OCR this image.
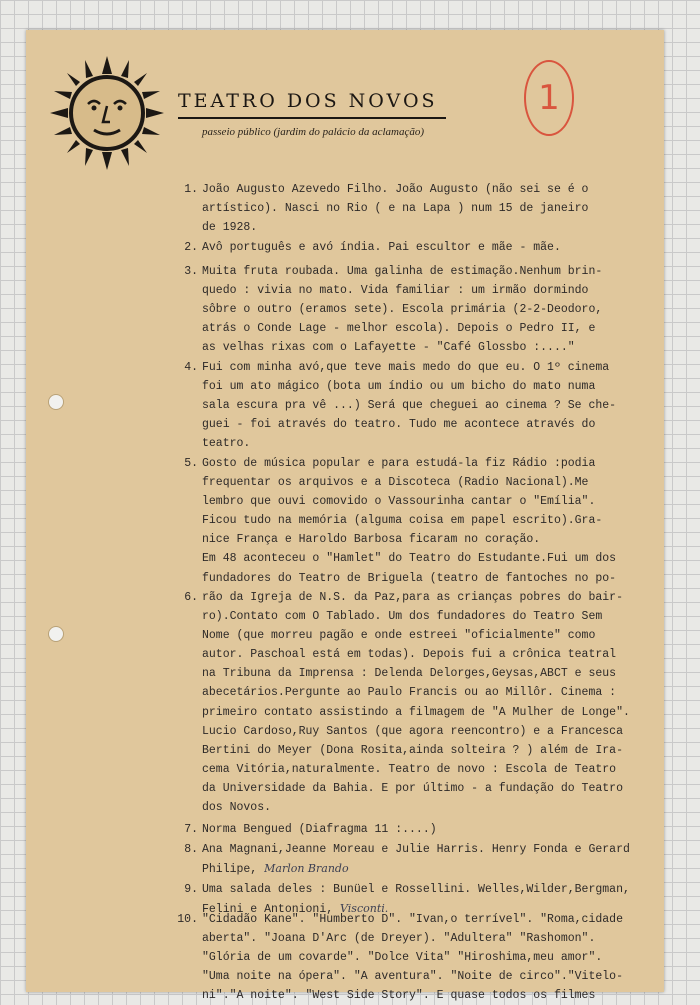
TEATRO DOS NOVOS
passeio público (jardim do palácio da aclamação)
1
1. João Augusto Azevedo Filho. João Augusto (não sei se é o
artístico). Nasci no Rio ( e na Lapa ) num 15 de janeiro
de 1928.
2. Avô português e avó índia. Pai escultor e mãe - mãe.
3. Muita fruta roubada. Uma galinha de estimação.Nenhum brin-
quedo : vivia no mato. Vida familiar : um irmão dormindo
sôbre o outro (eramos sete). Escola primária (2-2-Deodoro,
atrás o Conde Lage - melhor escola). Depois o Pedro II, e
as velhas rixas com o Lafayette - "Café Glossbo :...."
4. Fui com minha avó,que teve mais medo do que eu. O 1º cinema
foi um ato mágico (bota um índio ou um bicho do mato numa
sala escura pra vê ...) Será que cheguei ao cinema ? Se che-
guei - foi através do teatro. Tudo me acontece através do
teatro.
5. Gosto de música popular e para estudá-la fiz Rádio :podia
frequentar os arquivos e a Discoteca (Radio Nacional).Me
lembro que ouvi comovido o Vassourinha cantar o "Emília".
Ficou tudo na memória (alguma coisa em papel escrito).Gra-
nice França e Haroldo Barbosa ficaram no coração.
Em 48 aconteceu o "Hamlet" do Teatro do Estudante.Fui um dos
fundadores do Teatro de Briguela (teatro de fantoches no po-
6. rão da Igreja de N.S. da Paz,para as crianças pobres do bair-
ro).Contato com O Tablado. Um dos fundadores do Teatro Sem
Nome (que morreu pagão e onde estreei "oficialmente" como
autor. Paschoal está em todas). Depois fui a crônica teatral
na Tribuna da Imprensa : Delenda Delorges,Geysas,ABCT e seus
abecetários.Pergunte ao Paulo Francis ou ao Millôr. Cinema :
primeiro contato assistindo a filmagem de "A Mulher de Longe".
Lucio Cardoso,Ruy Santos (que agora reencontro) e a Francesca
Bertini do Meyer (Dona Rosita,ainda solteira ? ) além de Ira-
cema Vitória,naturalmente. Teatro de novo : Escola de Teatro
da Universidade da Bahia. E por último - a fundação do Teatro
dos Novos.
7. Norma Bengued (Diafragma 11 :....)
8. Ana Magnani,Jeanne Moreau e Julie Harris. Henry Fonda e Gerard
Philipe, Marlon Brando
9. Uma salada deles : Bunüel e Rossellini. Welles,Wilder,Bergman,
Felini e Antonioni, Visconti.
10. "Cidadão Kane". "Humberto D". "Ivan,o terrível". "Roma,cidade
aberta". "Joana D'Arc (de Dreyer). "Adultera" "Rashomon".
"Glória de um covarde". "Dolce Vita" "Hiroshima,meu amor".
"Uma noite na ópera". "A aventura". "Noite de circo"."Vitelo-
ni"."A noite". "West Side Story". E quase todos os filmes
